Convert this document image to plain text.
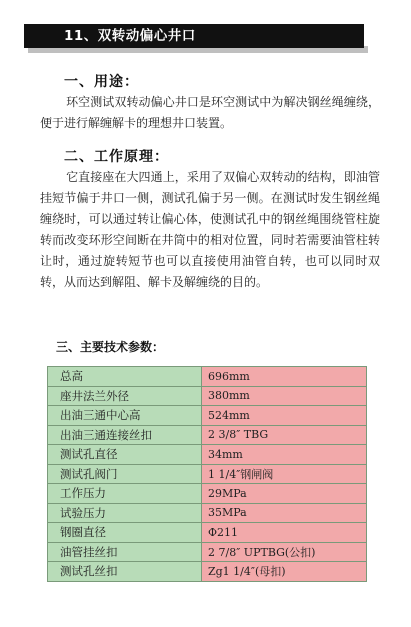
11、双转动偏心井口
一、用途：
环空测试双转动偏心井口是环空测试中为解决钢丝绳缠绕，便于进行解缠解卡的理想井口装置。
二、工作原理：
它直接座在大四通上，采用了双偏心双转动的结构，即油管挂短节偏于井口一侧，测试孔偏于另一侧。在测试时发生钢丝绳缠绕时，可以通过转让偏心体，使测试孔中的钢丝绳围绕管柱旋转而改变环形空间断在井筒中的相对位置，同时若需要油管柱转让时，通过旋转短节也可以直接使用油管自转，也可以同时双转，从而达到解阻、解卡及解缠绕的目的。
三、主要技术参数：
总高	696mm
座井法兰外径	380mm
出油三通中心高	524mm
出油三通连接丝扣	2 3/8″ TBG
测试孔直径	34mm
测试孔阀门	1 1/4″钢闸阀
工作压力	29MPa
试验压力	35MPa
钢圈直径	Φ211
油管挂丝扣	2 7/8″ UPTBG(公扣)
测试孔丝扣	Zg1 1/4″(母扣)
